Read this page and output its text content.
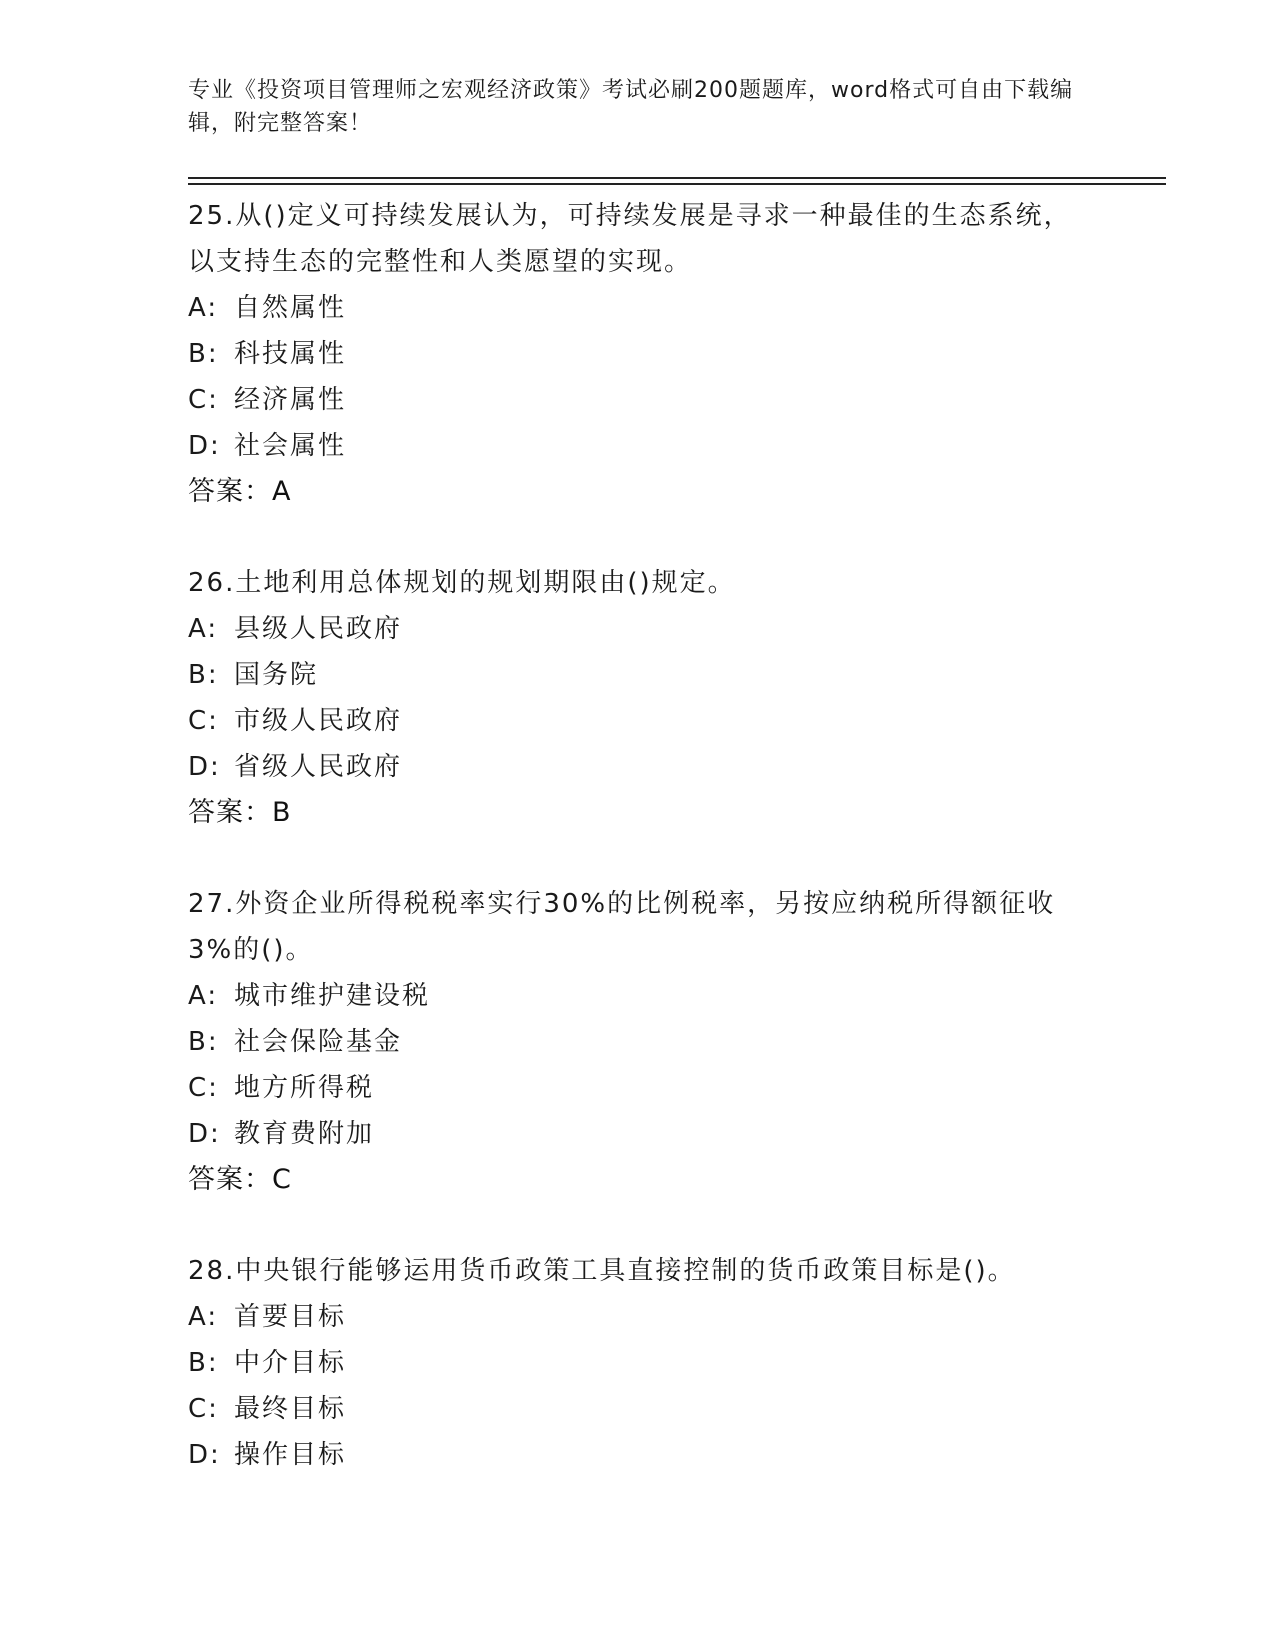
专业《投资项目管理师之宏观经济政策》考试必刷200题题库，word格式可自由下载编辑，附完整答案！
25.从()定义可持续发展认为，可持续发展是寻求一种最佳的生态系统，以支持生态的完整性和人类愿望的实现。
A: 自然属性
B: 科技属性
C: 经济属性
D: 社会属性
答案：A
26.土地利用总体规划的规划期限由()规定。
A: 县级人民政府
B: 国务院
C: 市级人民政府
D: 省级人民政府
答案：B
27.外资企业所得税税率实行30%的比例税率，另按应纳税所得额征收3%的()。
A: 城市维护建设税
B: 社会保险基金
C: 地方所得税
D: 教育费附加
答案：C
28.中央银行能够运用货币政策工具直接控制的货币政策目标是()。
A: 首要目标
B: 中介目标
C: 最终目标
D: 操作目标
